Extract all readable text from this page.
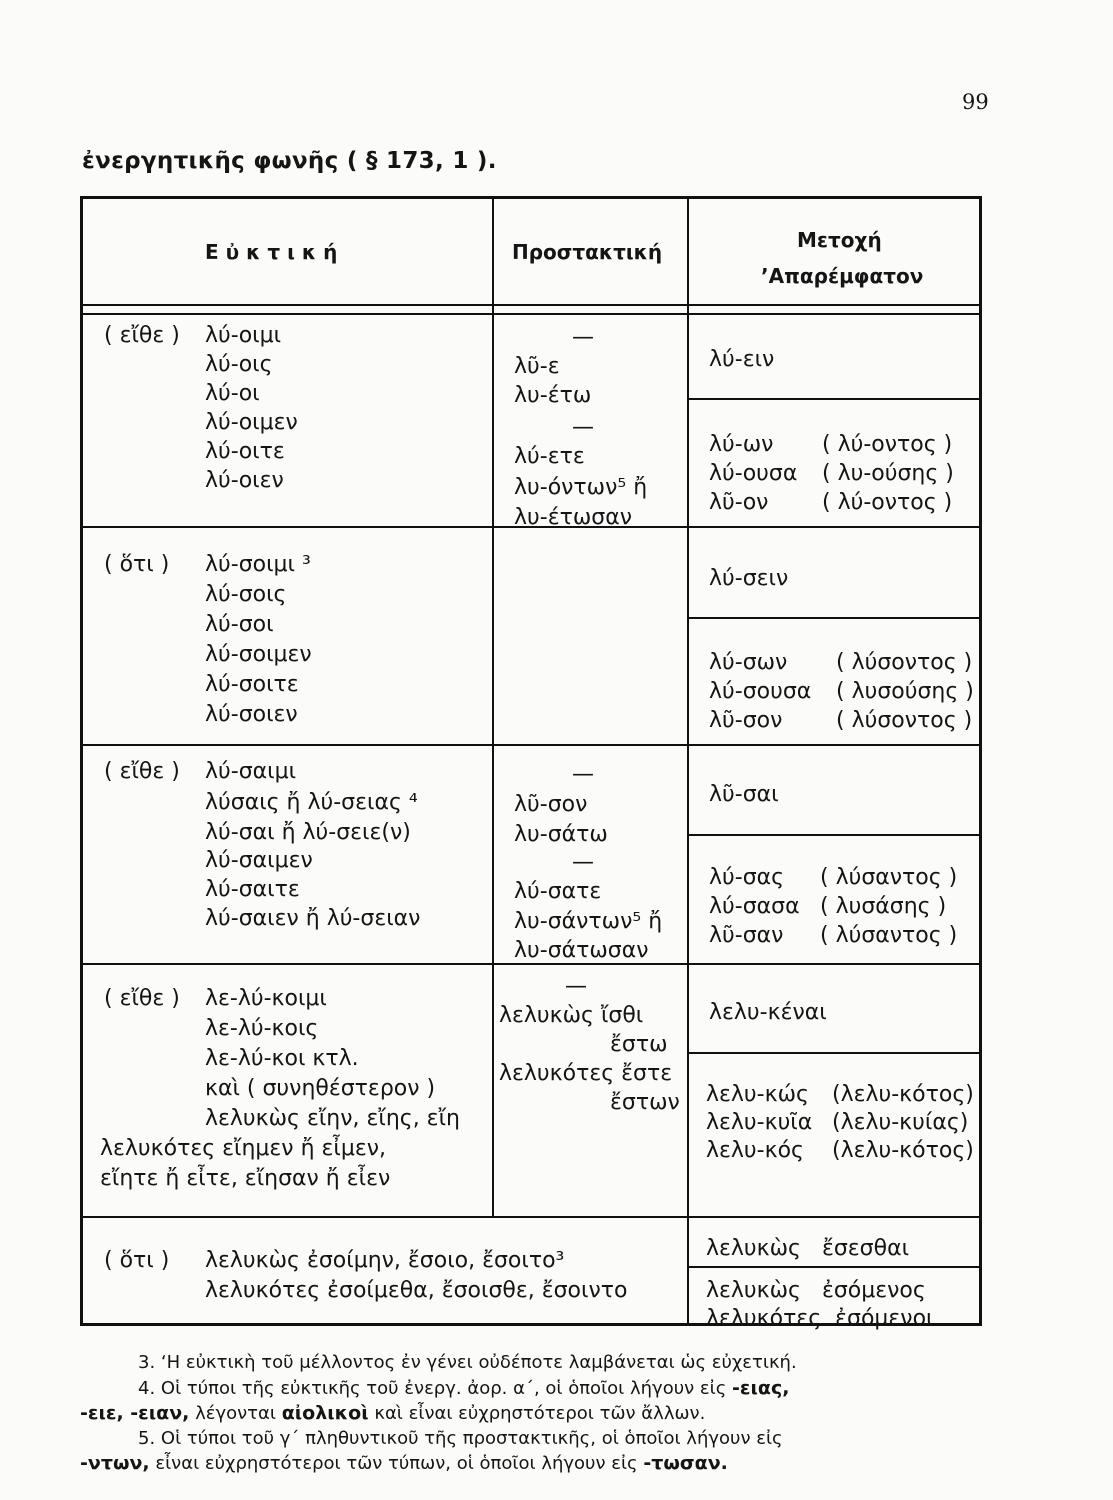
99
ἐνεργητικῆς φωνῆς ( § 173, 1 ).
Εὐκτική	Προστακτική	Μετοχή
’Απαρέμφατον
( εἴθε ) λύ-οιμι
λύ-οις
λύ-οι
λύ-οιμεν
λύ-οιτε
λύ-οιεν
—
λῦ-ε
λυ-έτω
—
λύ-ετε
λυ-όντων⁵ ἤ
λυ-έτωσαν
λύ-ειν
λύ-ων ( λύ-οντος )
λύ-ουσα ( λυ-ούσης )
λῦ-ον ( λύ-οντος )
( ὅτι ) λύ-σοιμι ³
λύ-σοις
λύ-σοι
λύ-σοιμεν
λύ-σοιτε
λύ-σοιεν
λύ-σειν
λύ-σων ( λύσοντος )
λύ-σουσα ( λυσούσης )
λῦ-σον ( λύσοντος )
( εἴθε ) λύ-σαιμι
λύσαις ἤ λύ-σειας ⁴
λύ-σαι ἤ λύ-σειε(ν)
λύ-σαιμεν
λύ-σαιτε
λύ-σαιεν ἤ λύ-σειαν
—
λῦ-σον
λυ-σάτω
—
λύ-σατε
λυ-σάντων⁵ ἤ
λυ-σάτωσαν
λῦ-σαι
λύ-σας ( λύσαντος )
λύ-σασα ( λυσάσης )
λῦ-σαν ( λύσαντος )
( εἴθε ) λε-λύ-κοιμι
λε-λύ-κοις
λε-λύ-κοι κτλ.
καὶ ( συνηθέστερον )
λελυκὼς εἴην, εἴης, εἴη
λελυκότες εἴημεν ἤ εἶμεν,
εἴητε ἤ εἶτε, εἴησαν ἤ εἶεν
—
λελυκὼς ἴσθι
ἔστω
λελυκότες ἔστε
ἔστων
λελυ-κέναι
λελυ-κώς (λελυ-κότος)
λελυ-κυῖα (λελυ-κυίας)
λελυ-κός (λελυ-κότος)
( ὅτι ) λελυκὼς ἐσοίμην, ἔσοιο, ἔσοιτο³
λελυκότες ἐσοίμεθα, ἔσοισθε, ἔσοιντο
λελυκὼς   ἔσεσθαι
λελυκὼς   ἐσόμενος
λελυκότες  ἐσόμενοι
3. ‘Η εὐκτικὴ τοῦ μέλλοντος ἐν γένει οὐδέποτε λαμβάνεται ὡς εὐχετική.
4. Οἱ τύποι τῆς εὐκτικῆς τοῦ ἐνεργ. ἀορ. α΄, οἱ ὁποῖοι λήγουν εἰς -ειας,
-ειε, -ειαν, λέγονται αἰολικοὶ καὶ εἶναι εὐχρηστότεροι τῶν ἄλλων.
5. Οἱ τύποι τοῦ γ΄ πληθυντικοῦ τῆς προστακτικῆς, οἱ ὁποῖοι λήγουν εἰς
-ντων, εἶναι εὐχρηστότεροι τῶν τύπων, οἱ ὁποῖοι λήγουν εἰς -τωσαν.
